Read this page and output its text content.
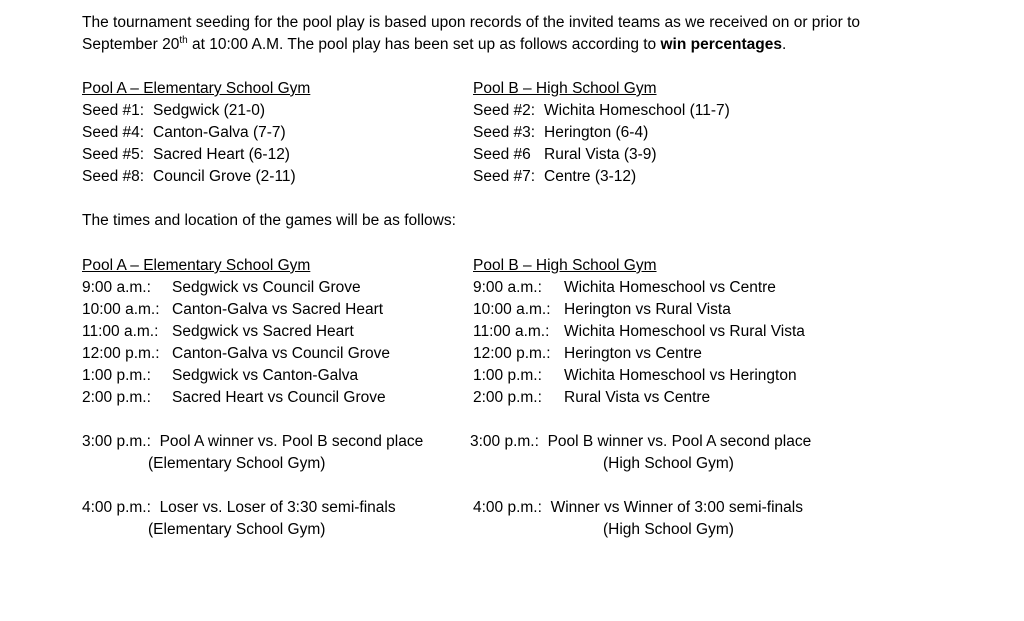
The tournament seeding for the pool play is based upon records of the invited teams as we received on or prior to
September 20th at 10:00 A.M. The pool play has been set up as follows according to win percentages.
Pool A – Elementary School Gym
Seed #1: Sedgwick (21-0)
Seed #4: Canton-Galva (7-7)
Seed #5: Sacred Heart (6-12)
Seed #8: Council Grove (2-11)
Pool B – High School Gym
Seed #2: Wichita Homeschool (11-7)
Seed #3: Herington (6-4)
Seed #6 Rural Vista (3-9)
Seed #7: Centre (3-12)
The times and location of the games will be as follows:
Pool A – Elementary School Gym
9:00 a.m.: Sedgwick vs Council Grove
10:00 a.m.: Canton-Galva vs Sacred Heart
11:00 a.m.: Sedgwick vs Sacred Heart
12:00 p.m.: Canton-Galva vs Council Grove
1:00 p.m.: Sedgwick vs Canton-Galva
2:00 p.m.: Sacred Heart vs Council Grove
Pool B – High School Gym
9:00 a.m.: Wichita Homeschool vs Centre
10:00 a.m.: Herington vs Rural Vista
11:00 a.m.: Wichita Homeschool vs Rural Vista
12:00 p.m.: Herington vs Centre
1:00 p.m.: Wichita Homeschool vs Herington
2:00 p.m.: Rural Vista vs Centre
3:00 p.m.: Pool A winner vs. Pool B second place
(Elementary School Gym)
3:00 p.m.: Pool B winner vs. Pool A second place
(High School Gym)
4:00 p.m.: Loser vs. Loser of 3:30 semi-finals
(Elementary School Gym)
4:00 p.m.: Winner vs Winner of 3:00 semi-finals
(High School Gym)
